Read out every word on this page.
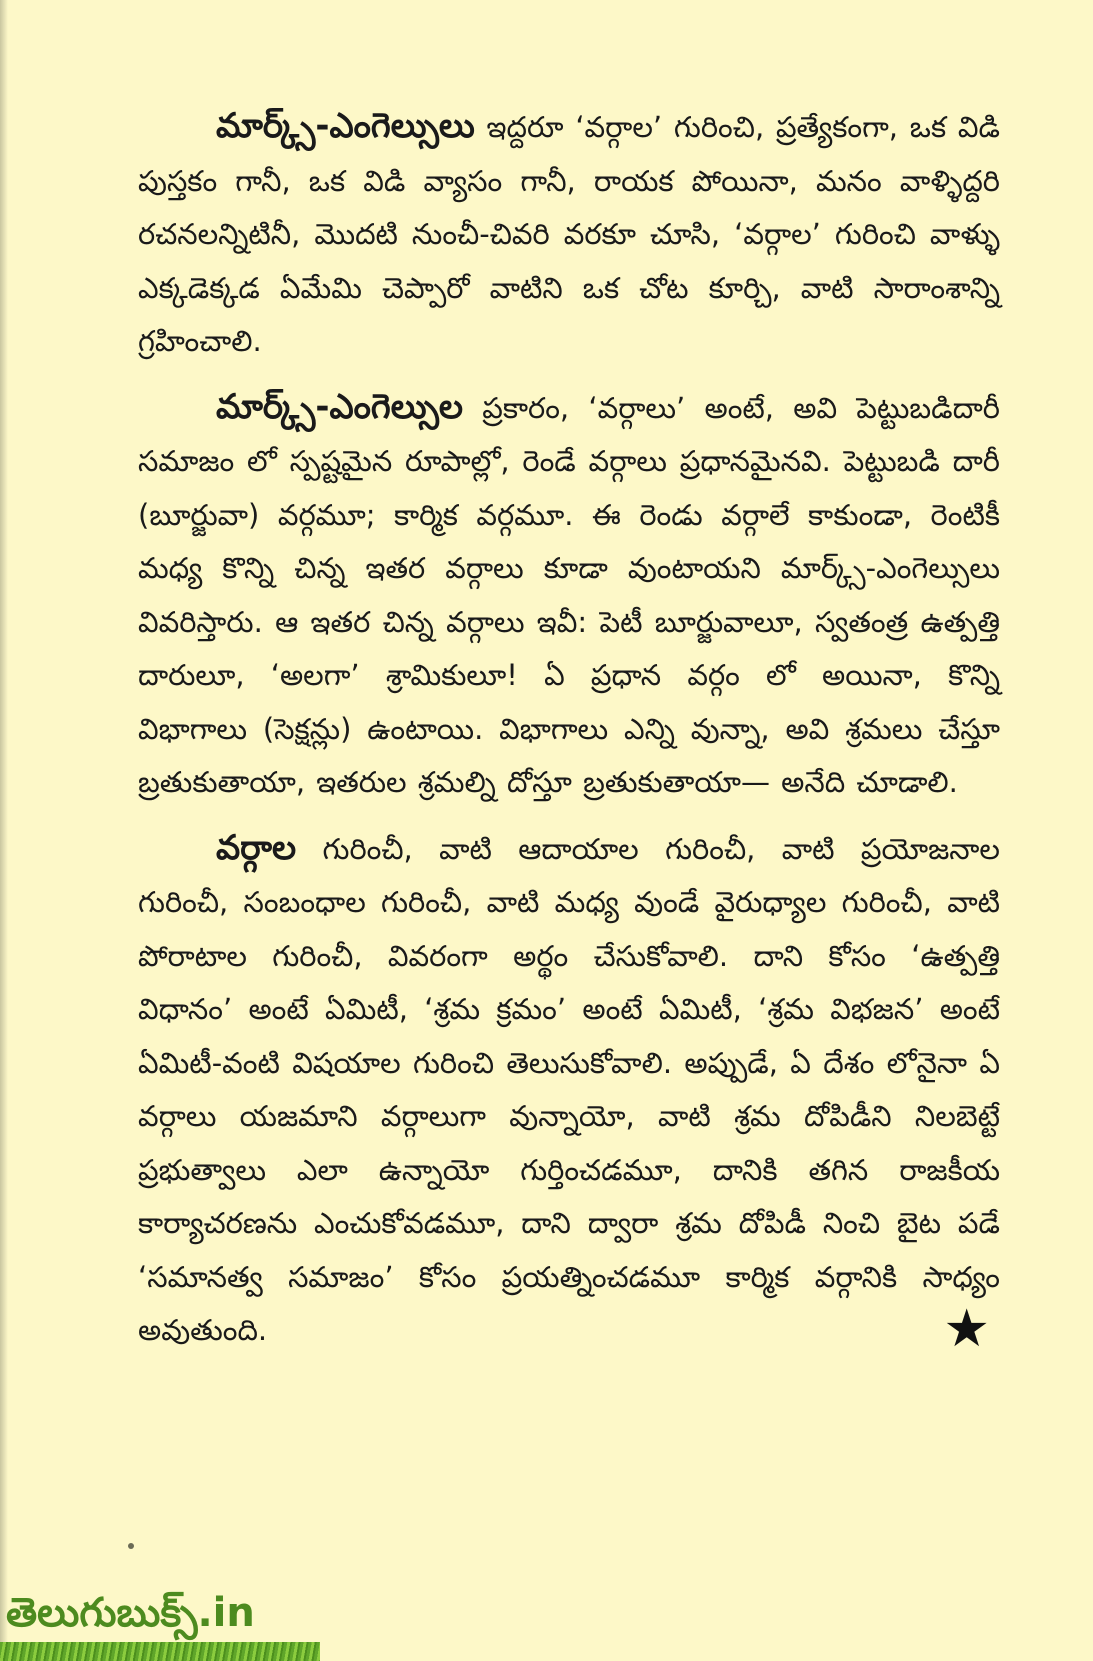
మార్క్స్-ఎంగెల్సులు ఇద్దరూ ‘వర్గాల’ గురించి, ప్రత్యేకంగా, ఒక విడి పుస్తకం గానీ, ఒక విడి వ్యాసం గానీ, రాయక పోయినా, మనం వాళ్ళిద్దరి రచనలన్నిటినీ, మొదటి నుంచీ-చివరి వరకూ చూసి, ‘వర్గాల’ గురించి వాళ్ళు ఎక్కడెక్కడ ఏమేమి చెప్పారో వాటిని ఒక చోట కూర్చి, వాటి సారాంశాన్ని గ్రహించాలి.

మార్క్స్-ఎంగెల్సుల ప్రకారం, ‘వర్గాలు’ అంటే, అవి పెట్టుబడిదారీ సమాజం లో స్పష్టమైన రూపాల్లో, రెండే వర్గాలు ప్రధానమైనవి. పెట్టుబడి దారీ (బూర్జువా) వర్గమూ; కార్మిక వర్గమూ. ఈ రెండు వర్గాలే కాకుండా, రెంటికీ మధ్య కొన్ని చిన్న ఇతర వర్గాలు కూడా వుంటాయని మార్క్స్-ఎంగెల్సులు వివరిస్తారు. ఆ ఇతర చిన్న వర్గాలు ఇవీ: పెటీ బూర్జువాలూ, స్వతంత్ర ఉత్పత్తి దారులూ, ‘అలగా’ శ్రామికులూ! ఏ ప్రధాన వర్గం లో అయినా, కొన్ని విభాగాలు (సెక్షన్లు) ఉంటాయి. విభాగాలు ఎన్ని వున్నా, అవి శ్రమలు చేస్తూ బ్రతుకుతాయా, ఇతరుల శ్రమల్ని దోస్తూ బ్రతుకుతాయా— అనేది చూడాలి.

వర్గాల గురించీ, వాటి ఆదాయాల గురించీ, వాటి ప్రయోజనాల గురించీ, సంబంధాల గురించీ, వాటి మధ్య వుండే వైరుధ్యాల గురించీ, వాటి పోరాటాల గురించీ, వివరంగా అర్థం చేసుకోవాలి. దాని కోసం ‘ఉత్పత్తి విధానం’ అంటే ఏమిటీ, ‘శ్రమ క్రమం’ అంటే ఏమిటీ, ‘శ్రమ విభజన’ అంటే ఏమిటీ-వంటి విషయాల గురించి తెలుసుకోవాలి. అప్పుడే, ఏ దేశం లోనైనా ఏ వర్గాలు యజమాని వర్గాలుగా వున్నాయో, వాటి శ్రమ దోపిడీని నిలబెట్టే ప్రభుత్వాలు ఎలా ఉన్నాయో గుర్తించడమూ, దానికి తగిన రాజకీయ కార్యాచరణను ఎంచుకోవడమూ, దాని ద్వారా శ్రమ దోపిడీ నించి బైట పడే ‘సమానత్వ సమాజం’ కోసం ప్రయత్నించడమూ కార్మిక వర్గానికి సాధ్యం అవుతుంది.	★

తెలుగుబుక్స్.in
